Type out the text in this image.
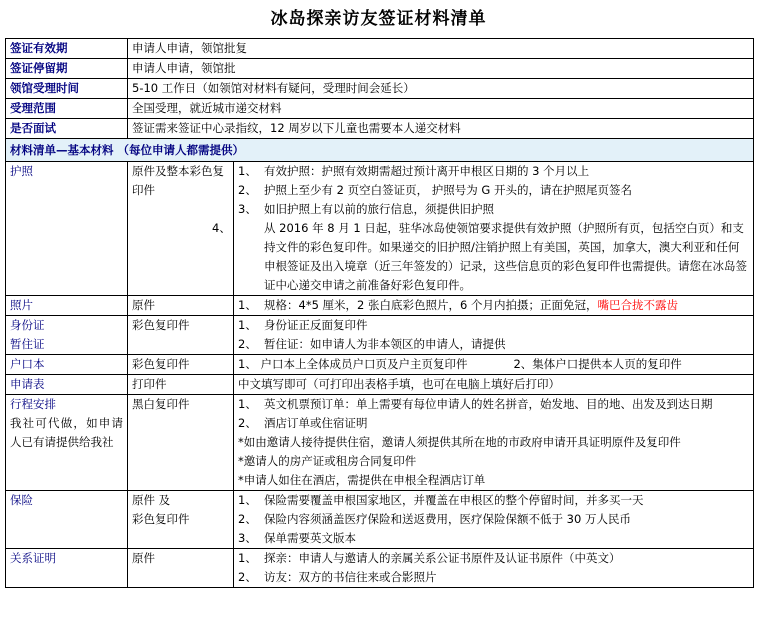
冰岛探亲访友签证材料清单
签证有效期	申请人申请，领馆批复	
签证停留期	申请人申请，领馆批	
领馆受理时间	5-10 工作日（如领馆对材料有疑问，受理时间会延长）	
受理范围	全国受理，就近城市递交材料	
是否面试	签证需来签证中心录指纹，12 周岁以下儿童也需要本人递交材料	
材料清单—基本材料 （每位申请人都需提供）		
护照	原件及整本彩色复印件	1、 有效护照：护照有效期需超过预计离开申根区日期的 3 个月以上
2、 护照上至少有 2 页空白签证页， 护照号为 G 开头的，请在护照尾页签名
3、 如旧护照上有以前的旅行信息，须提供旧护照
4、 从 2016 年 8 月 1 日起，驻华冰岛使领馆要求提供有效护照（护照所有页，包括空白页）和支持文件的彩色复印件。如果递交的旧护照/注销护照上有美国，英国，加拿大，澳大利亚和任何申根签证及出入境章（近三年签发的）记录，这些信息页的彩色复印件也需提供。请您在冰岛签证中心递交申请之前准备好彩色复印件。

照片	原件	1、 规格：4*5 厘米，2 张白底彩色照片，6 个月内拍摄；正面免冠，嘴巴合拢不露齿

身份证
暂住证	彩色复印件	1、 身份证正反面复印件
2、 暂住证：如申请人为非本领区的申请人，请提供

户口本	彩色复印件	1、 户口本上全体成员户口页及户主页复印件 2、集体户口提供本人页的复印件

申请表	打印件	中文填写即可（可打印出表格手填，也可在电脑上填好后打印）

行程安排
我社可代做，如申请人已有请提供给我社	黑白复印件	1、 英文机票预订单：单上需要有每位申请人的姓名拼音，始发地、目的地、出发及到达日期
2、 酒店订单或住宿证明
*如由邀请人接待提供住宿，邀请人须提供其所在地的市政府申请开具证明原件及复印件
*邀请人的房产证或租房合同复印件
*申请人如住在酒店，需提供在申根全程酒店订单

保险	原件 及
彩色复印件	1、 保险需要覆盖申根国家地区，并覆盖在申根区的整个停留时间，并多买一天
2、 保险内容须涵盖医疗保险和送返费用，医疗保险保额不低于 30 万人民币
3、 保单需要英文版本

关系证明	原件	1、 探亲：申请人与邀请人的亲属关系公证书原件及认证书原件（中英文）
2、 访友：双方的书信往来或合影照片
